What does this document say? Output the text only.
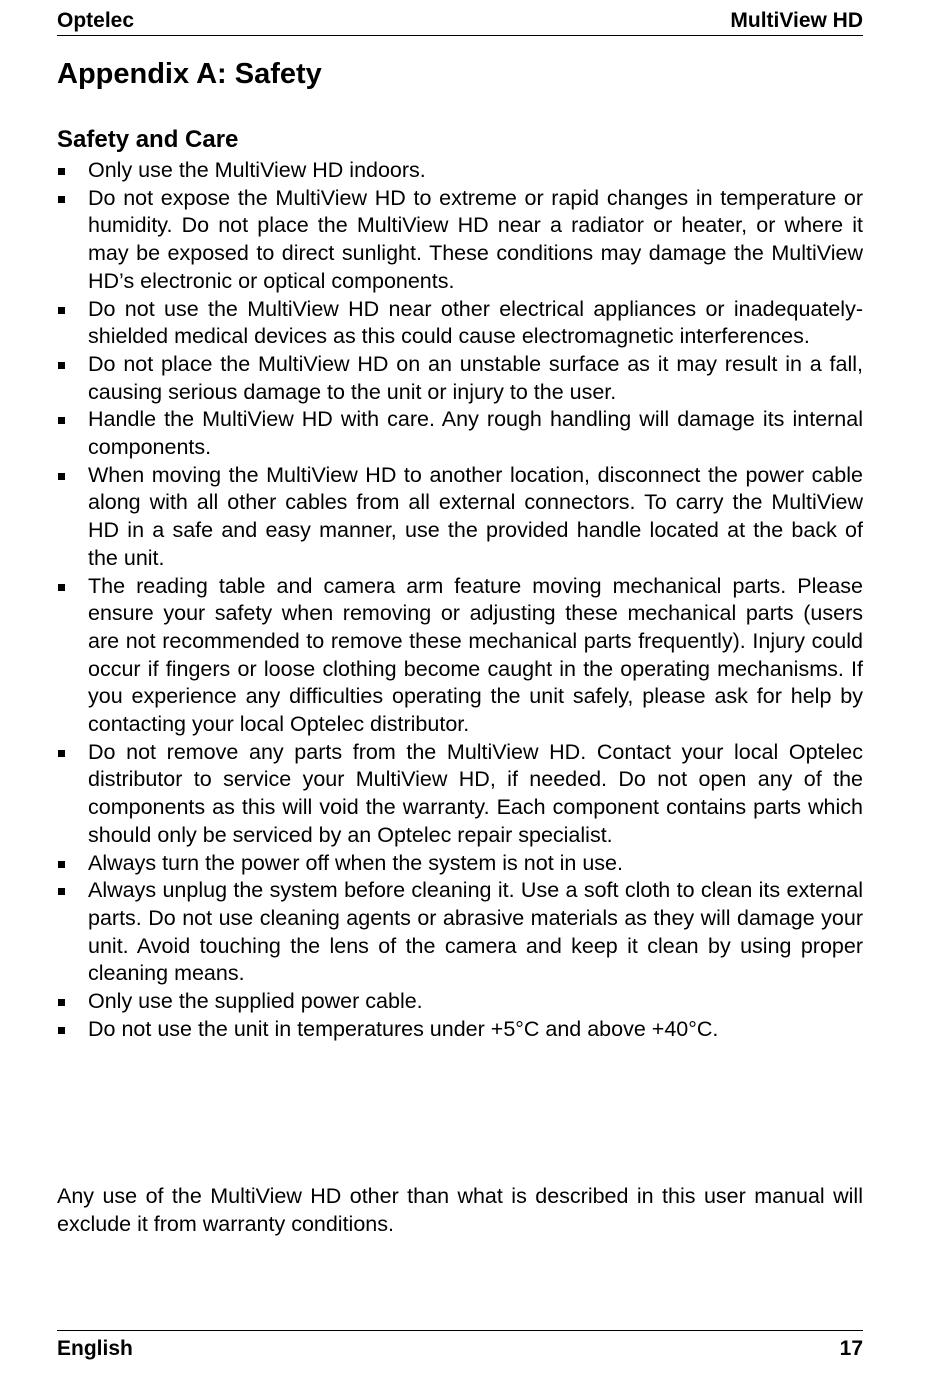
Optelec	MultiView HD
Appendix A: Safety
Safety and Care
Only use the MultiView HD indoors.
Do not expose the MultiView HD to extreme or rapid changes in temperature or humidity. Do not place the MultiView HD near a radiator or heater, or where it may be exposed to direct sunlight. These conditions may damage the MultiView HD’s electronic or optical components.
Do not use the MultiView HD near other electrical appliances or inadequately-shielded medical devices as this could cause electromagnetic interferences.
Do not place the MultiView HD on an unstable surface as it may result in a fall, causing serious damage to the unit or injury to the user.
Handle the MultiView HD with care. Any rough handling will damage its internal components.
When moving the MultiView HD to another location, disconnect the power cable along with all other cables from all external connectors. To carry the MultiView HD in a safe and easy manner, use the provided handle located at the back of the unit.
The reading table and camera arm feature moving mechanical parts. Please ensure your safety when removing or adjusting these mechanical parts (users are not recommended to remove these mechanical parts frequently). Injury could occur if fingers or loose clothing become caught in the operating mechanisms. If you experience any difficulties operating the unit safely, please ask for help by contacting your local Optelec distributor.
Do not remove any parts from the MultiView HD. Contact your local Optelec distributor to service your MultiView HD, if needed. Do not open any of the components as this will void the warranty. Each component contains parts which should only be serviced by an Optelec repair specialist.
Always turn the power off when the system is not in use.
Always unplug the system before cleaning it. Use a soft cloth to clean its external parts. Do not use cleaning agents or abrasive materials as they will damage your unit. Avoid touching the lens of the camera and keep it clean by using proper cleaning means.
Only use the supplied power cable.
Do not use the unit in temperatures under +5°C and above +40°C.

Any use of the MultiView HD other than what is described in this user manual will exclude it from warranty conditions.

English	17
